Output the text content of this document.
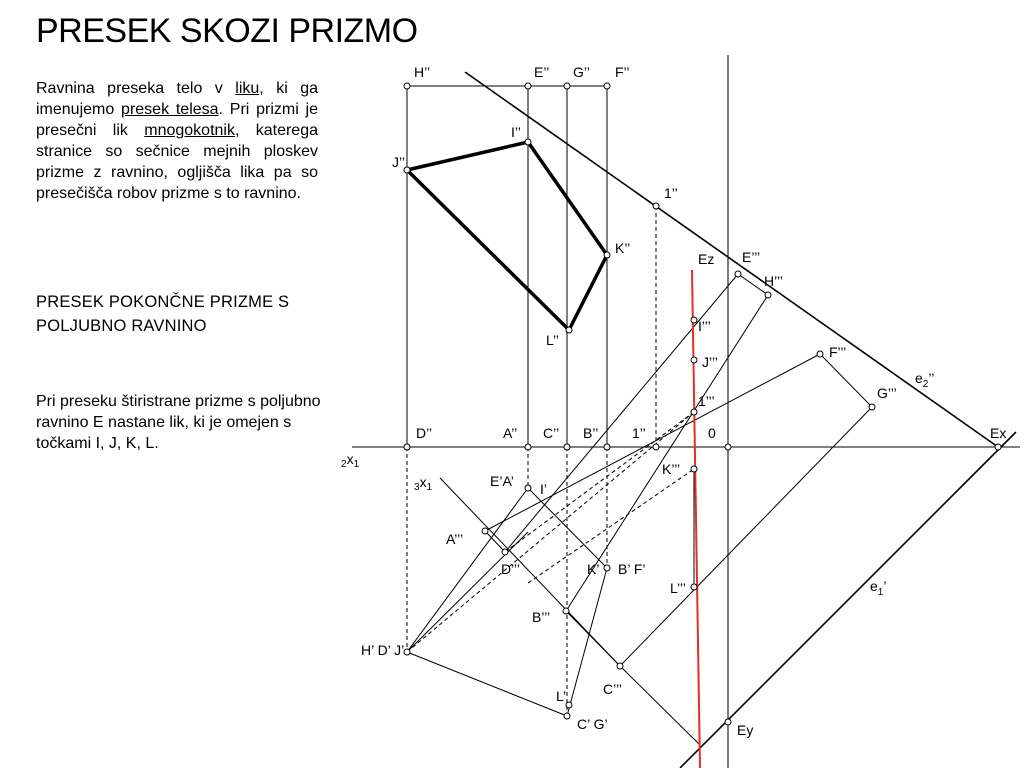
PRESEK SKOZI PRIZMO
Ravnina preseka telo v liku, ki ga imenujemo presek telesa. Pri prizmi je presečni lik mnogokotnik, katerega stranice so sečnice mejnih ploskev prizme z ravnino, ogljišča lika pa so presečišča robov prizme s to ravnino.
PRESEK POKONČNE PRIZME S
POLJUBNO RAVNINO
Pri preseku štiristrane prizme s poljubno ravnino E nastane lik, ki je omejen s točkami I, J, K, L.
H’’	E’’ G’’ F’’
I’’
J’’
K’’
L’’
1’’
Ez E’’’
H’’’
I’’’
J’’’
F’’’
1’’’	G’’’
$e_2$’’
D’’	A’’ C’’ B’’ 1’’	0	Ex
$2x_1$	K’’’
$3x_1$	E’A’ I’
A’’’
D’’’	K’ B’ F’
L’’’	$e_1$’
B’’’
H’ D’ J’
C’’’
L’
C’ G’	Ey
